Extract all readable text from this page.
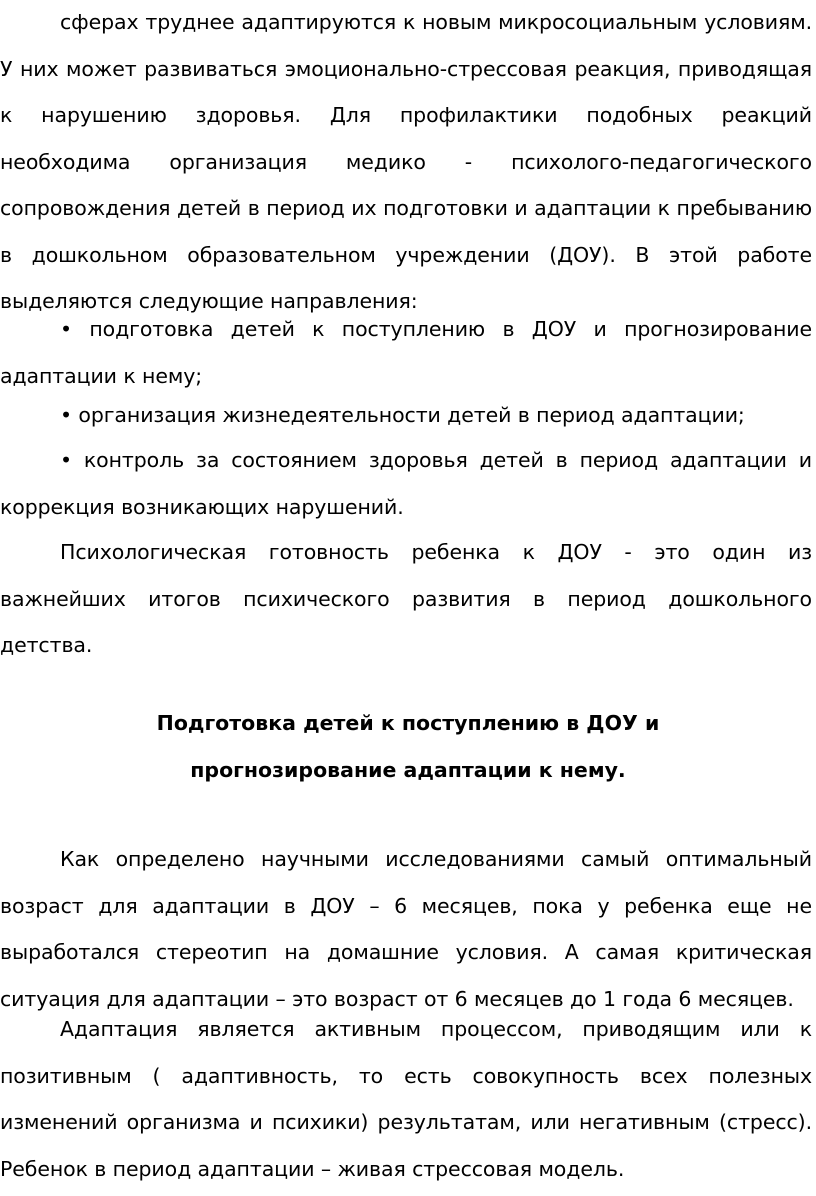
сферах труднее адаптируются к новым микросоциальным условиям. У них может развиваться эмоционально-стрессовая реакция, приводящая к нарушению здоровья. Для профилактики подобных реакций необходима организация медико - психолого-педагогического сопровождения детей в период их подготовки и адаптации к пребыванию в дошкольном образовательном учреждении (ДОУ). В этой работе выделяются следующие направления:

• подготовка детей к поступлению в ДОУ и прогнозирование адаптации к нему;

• организация жизнедеятельности детей в период адаптации;

• контроль за состоянием здоровья детей в период адаптации и коррекция возникающих нарушений.

Психологическая готовность ребенка к ДОУ - это один из важнейших итогов психического развития в период дошкольного детства.

Подготовка детей к поступлению в ДОУ и
прогнозирование адаптации к нему.

Как определено научными исследованиями самый оптимальный возраст для адаптации в ДОУ – 6 месяцев, пока у ребенка еще не выработался стереотип на домашние условия. А самая критическая ситуация для адаптации – это возраст от 6 месяцев до 1 года 6 месяцев.

Адаптация является активным процессом, приводящим или к позитивным ( адаптивность, то есть совокупность всех полезных изменений организма и психики) результатам, или негативным (стресс). Ребенок в период адаптации – живая стрессовая модель.
